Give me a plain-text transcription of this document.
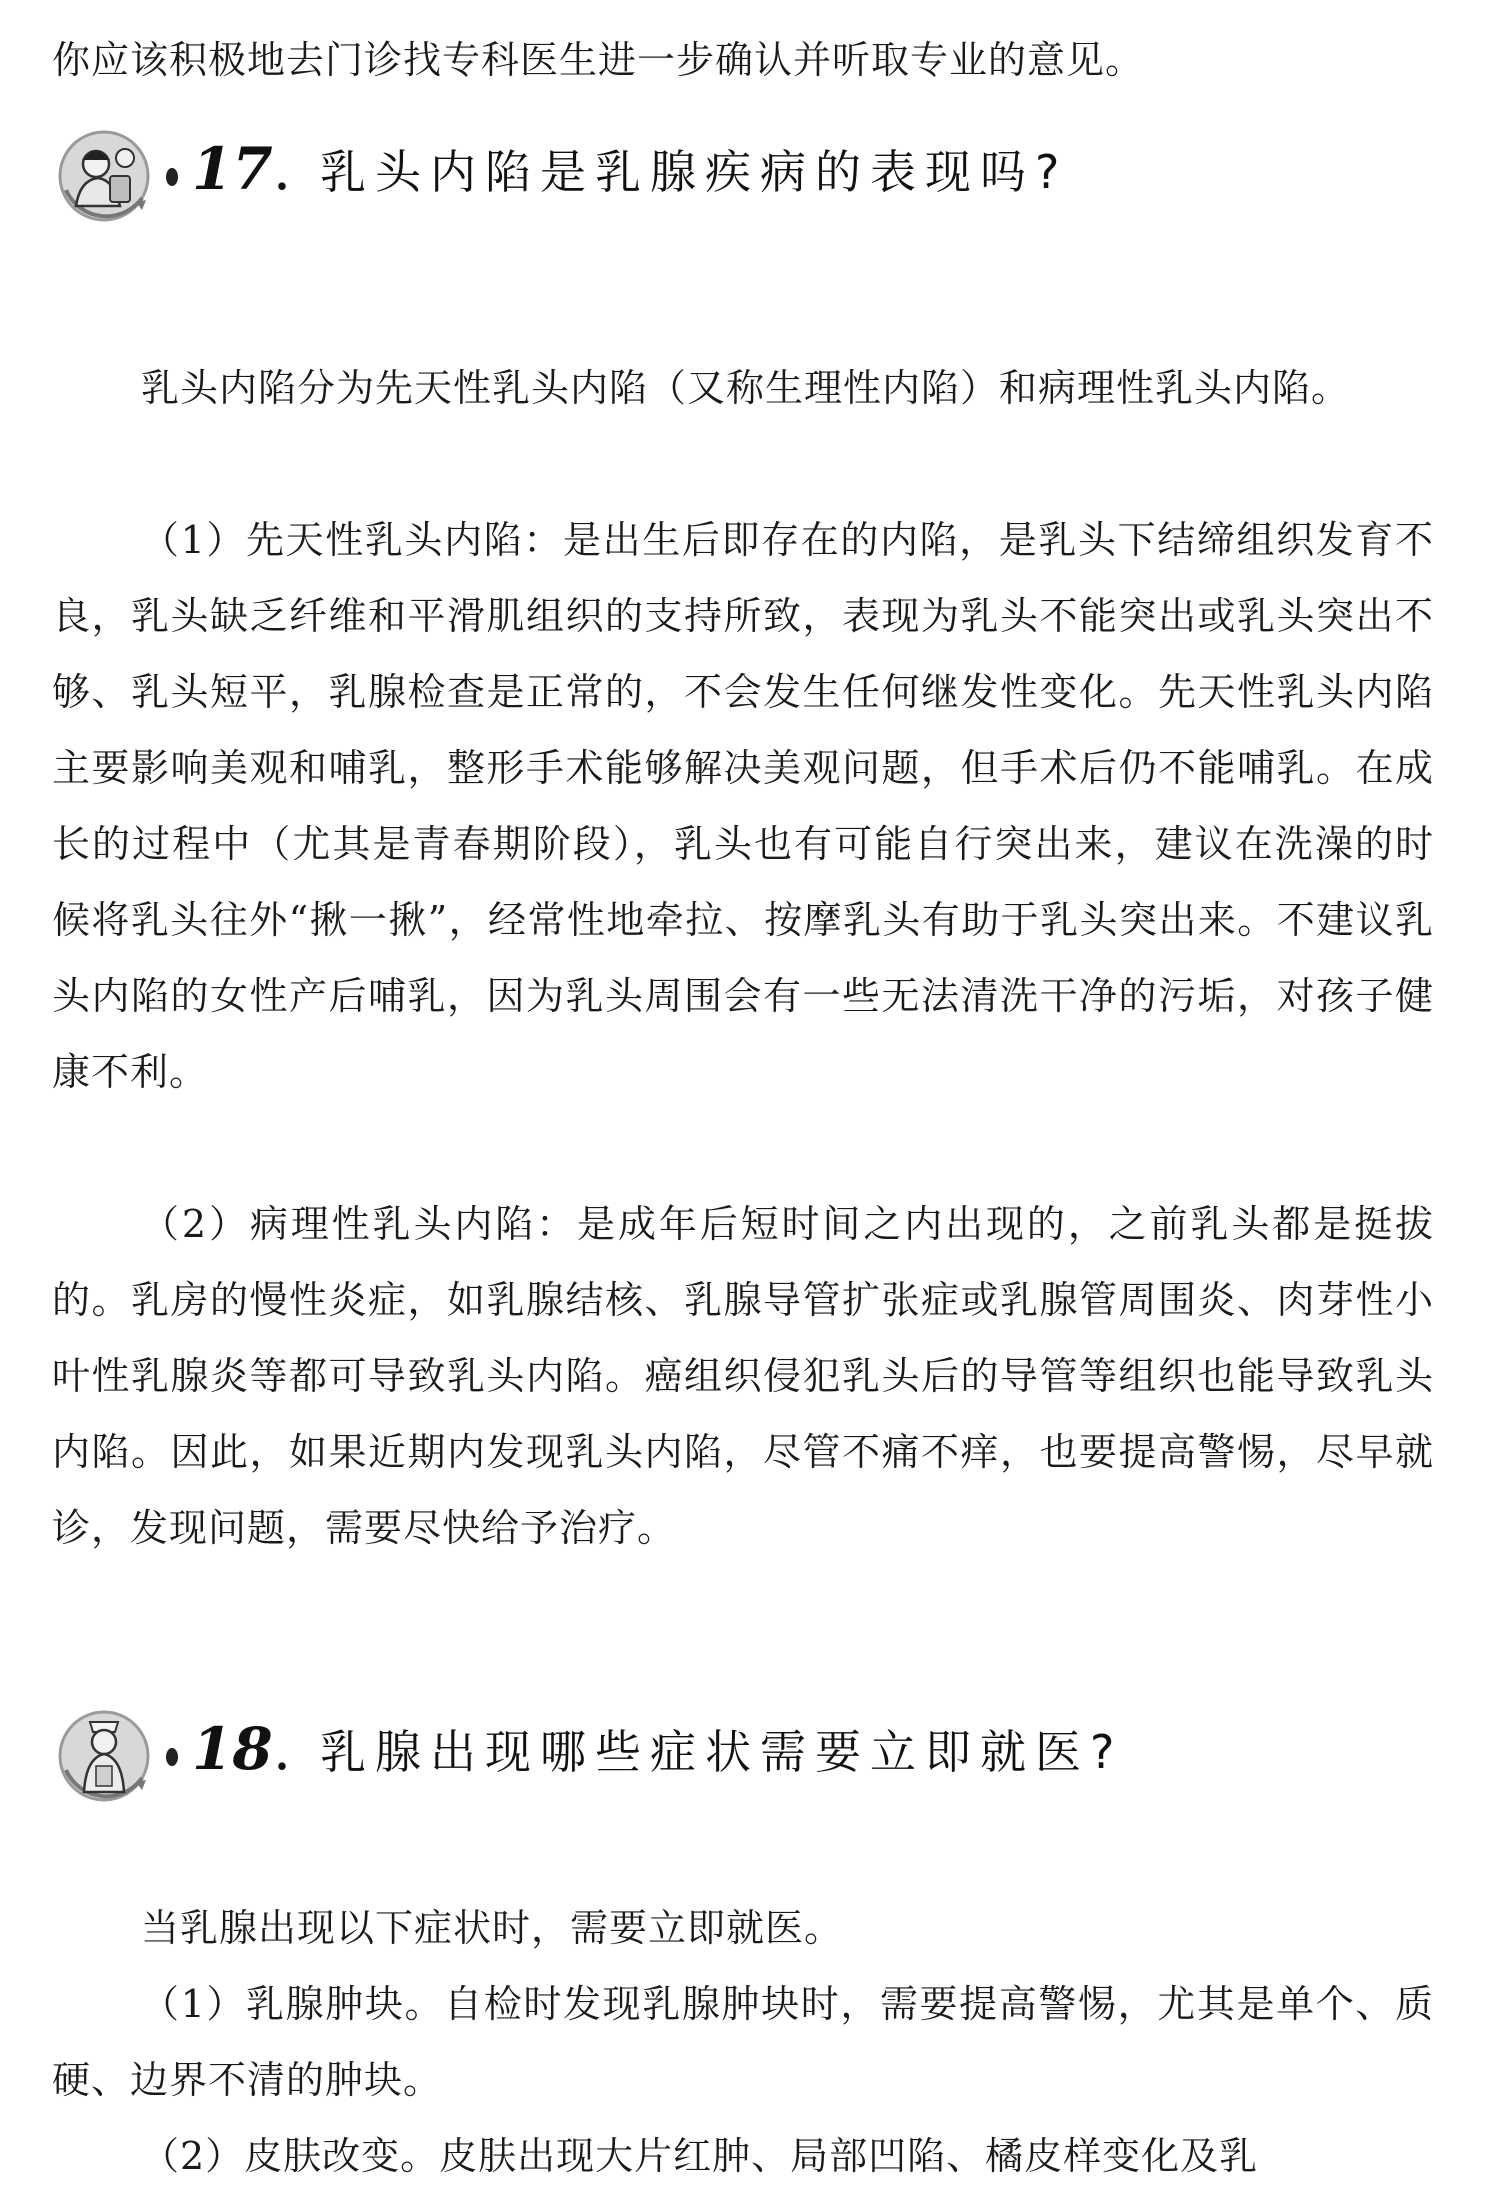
你应该积极地去门诊找专科医生进一步确认并听取专业的意见。

17. 乳头内陷是乳腺疾病的表现吗?

乳头内陷分为先天性乳头内陷（又称生理性内陷）和病理性乳头内陷。

（1）先天性乳头内陷：是出生后即存在的内陷，是乳头下结缔组织发育不良，乳头缺乏纤维和平滑肌组织的支持所致，表现为乳头不能突出或乳头突出不够、乳头短平，乳腺检查是正常的，不会发生任何继发性变化。先天性乳头内陷主要影响美观和哺乳，整形手术能够解决美观问题，但手术后仍不能哺乳。在成长的过程中（尤其是青春期阶段），乳头也有可能自行突出来，建议在洗澡的时候将乳头往外“揪一揪”，经常性地牵拉、按摩乳头有助于乳头突出来。不建议乳头内陷的女性产后哺乳，因为乳头周围会有一些无法清洗干净的污垢，对孩子健康不利。

（2）病理性乳头内陷：是成年后短时间之内出现的，之前乳头都是挺拔的。乳房的慢性炎症，如乳腺结核、乳腺导管扩张症或乳腺管周围炎、肉芽性小叶性乳腺炎等都可导致乳头内陷。癌组织侵犯乳头后的导管等组织也能导致乳头内陷。因此，如果近期内发现乳头内陷，尽管不痛不痒，也要提高警惕，尽早就诊，发现问题，需要尽快给予治疗。

18. 乳腺出现哪些症状需要立即就医?

当乳腺出现以下症状时，需要立即就医。

（1）乳腺肿块。自检时发现乳腺肿块时，需要提高警惕，尤其是单个、质硬、边界不清的肿块。

（2）皮肤改变。皮肤出现大片红肿、局部凹陷、橘皮样变化及乳
